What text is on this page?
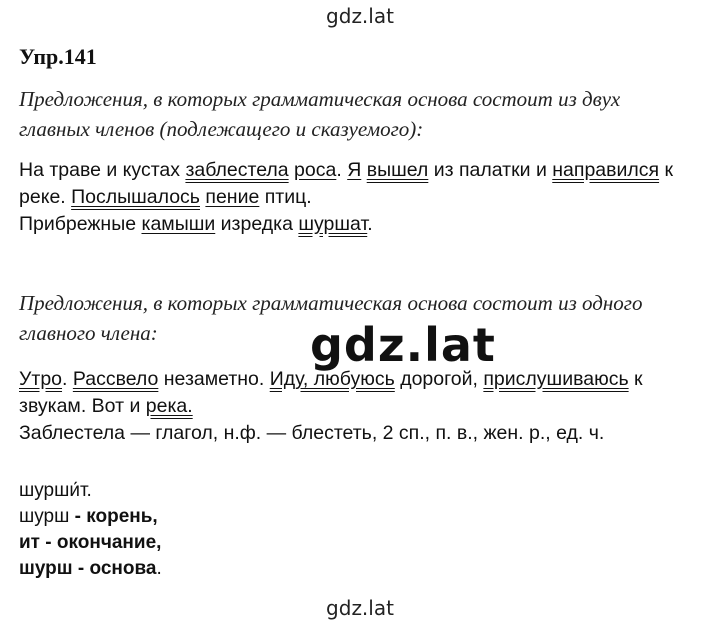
gdz.lat
Упр.141
Предложения, в которых грамматическая основа состоит из двух
главных членов (подлежащего и сказуемого):
На траве и кустах заблестела роса. Я вышел из палатки и направился к
реке. Послышалось пение птиц.
Прибрежные камыши изредка шуршат.
Предложения, в которых грамматическая основа состоит из одного
главного члена:	gdz.lat
Утро. Рассвело незаметно. Иду, любуюсь дорогой, прислушиваюсь к
звукам. Вот и река.
Заблестела — глагол, н.ф. — блестеть, 2 сп., п. в., жен. р., ед. ч.
шурши́т.
шурш - корень,
ит - окончание,
шурш - основа.
gdz.lat
